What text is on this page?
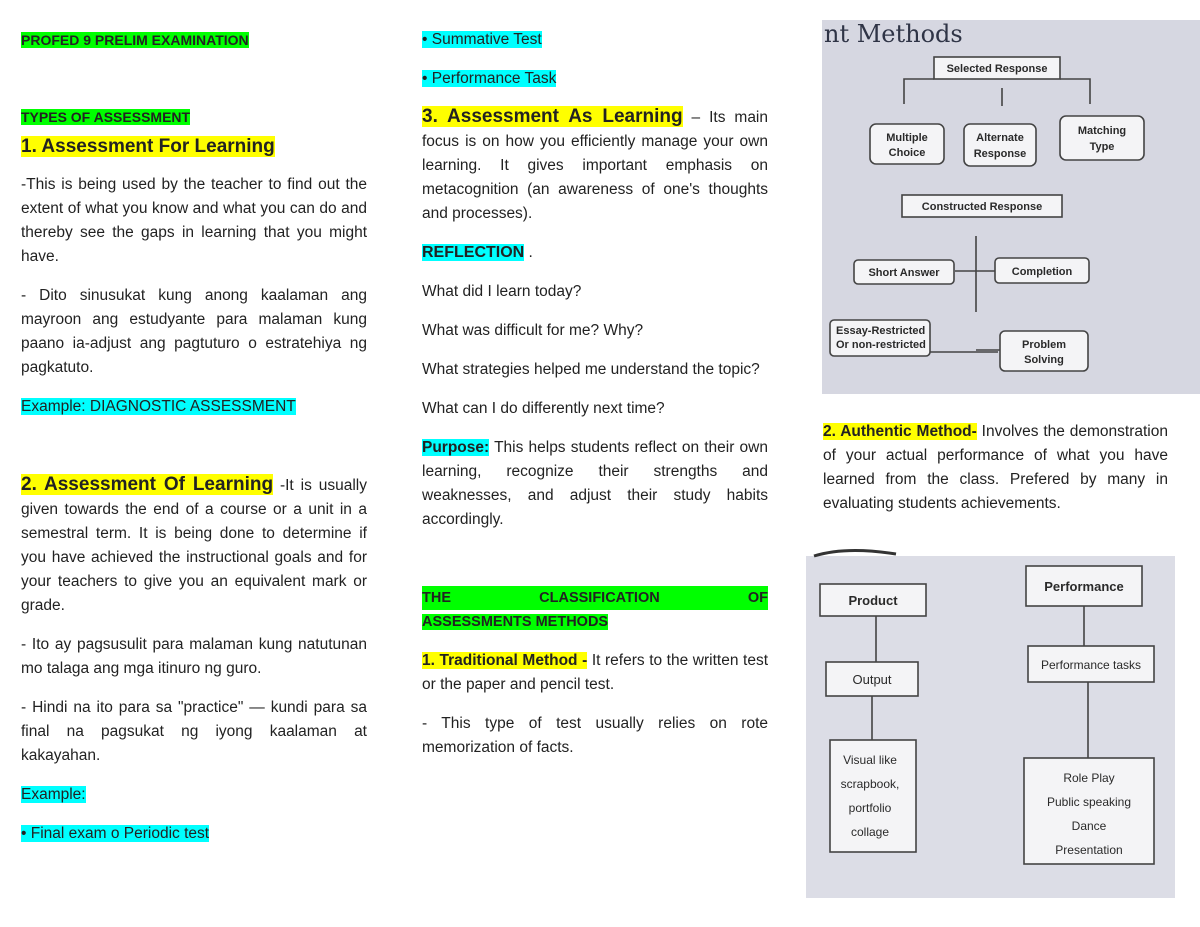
PROFED 9 PRELIM EXAMINATION
TYPES OF ASSESSMENT
1. Assessment For Learning
-This is being used by the teacher to find out the extent of what you know and what you can do and thereby see the gaps in learning that you might have.
- Dito sinusukat kung anong kaalaman ang mayroon ang estudyante para malaman kung paano ia-adjust ang pagtuturo o estratehiya ng pagkatuto.
Example: DIAGNOSTIC ASSESSMENT
2. Assessment Of Learning -It is usually given towards the end of a course or a unit in a semestral term. It is being done to determine if you have achieved the instructional goals and for your teachers to give you an equivalent mark or grade.
- Ito ay pagsusulit para malaman kung natutunan mo talaga ang mga itinuro ng guro.
- Hindi na ito para sa "practice" — kundi para sa final na pagsukat ng iyong kaalaman at kakayahan.
Example:
• Final exam o Periodic test
• Summative Test
• Performance Task
3. Assessment As Learning – Its main focus is on how you efficiently manage your own learning. It gives important emphasis on metacognition (an awareness of one's thoughts and processes).
REFLECTION .
What did I learn today?
What was difficult for me? Why?
What strategies helped me understand the topic?
What can I do differently next time?
Purpose: This helps students reflect on their own learning, recognize their strengths and weaknesses, and adjust their study habits accordingly.
THE CLASSIFICATION OF
ASSESSMENTS METHODS
1. Traditional Method - It refers to the written test or the paper and pencil test.
- This type of test usually relies on rote memorization of facts.
nt Methods
Selected Response
Multiple
Choice
Alternate
Response
Matching
Type
Constructed Response
Short Answer	Completion
Essay-Restricted
Or non-restricted	Problem
Solving
2. Authentic Method- Involves the demonstration of your actual performance of what you have learned from the class. Prefered by many in evaluating students achievements.
Product
Output
Visual like
scrapbook,
portfolio
collage
Performance
Performance tasks
Role Play
Public speaking
Dance
Presentation
